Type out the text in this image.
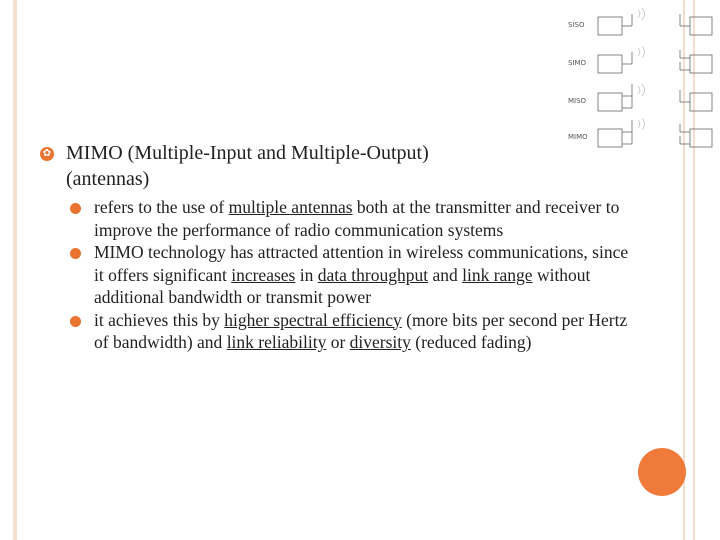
SISO
SIMO
MISO
MIMO
✿ MIMO (Multiple-Input and Multiple-Output)
(antennas)
refers to the use of multiple antennas both at the transmitter and receiver to improve the performance of radio communication systems
MIMO technology has attracted attention in wireless communications, since it offers significant increases in data throughput and link range without additional bandwidth or transmit power
it achieves this by higher spectral efficiency (more bits per second per Hertz of bandwidth) and link reliability or diversity (reduced fading)
